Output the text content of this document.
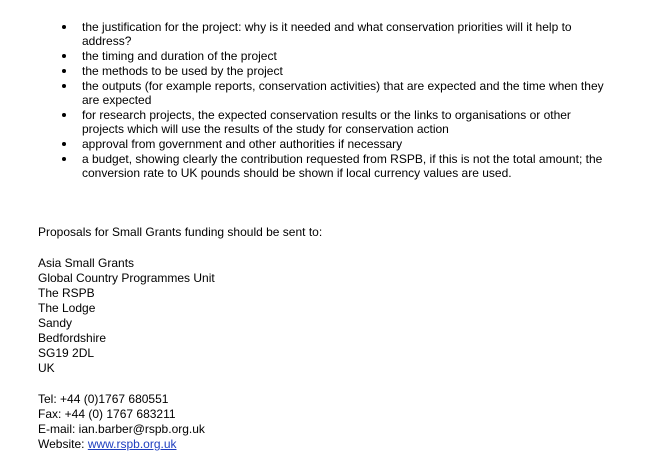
the justification for the project: why is it needed and what conservation priorities will it help to address?
the timing and duration of the project
the methods to be used by the project
the outputs (for example reports, conservation activities) that are expected and the time when they are expected
for research projects, the expected conservation results or the links to organisations or other projects which will use the results of the study for conservation action
approval from government and other authorities if necessary
a budget, showing clearly the contribution requested from RSPB, if this is not the total amount; the conversion rate to UK pounds should be shown if local currency values are used.

Proposals for Small Grants funding should be sent to:

Asia Small Grants
Global Country Programmes Unit
The RSPB
The Lodge
Sandy
Bedfordshire
SG19 2DL
UK
Tel: +44 (0)1767 680551
Fax: +44 (0) 1767 683211
E-mail: ian.barber@rspb.org.uk
Website: www.rspb.org.uk
